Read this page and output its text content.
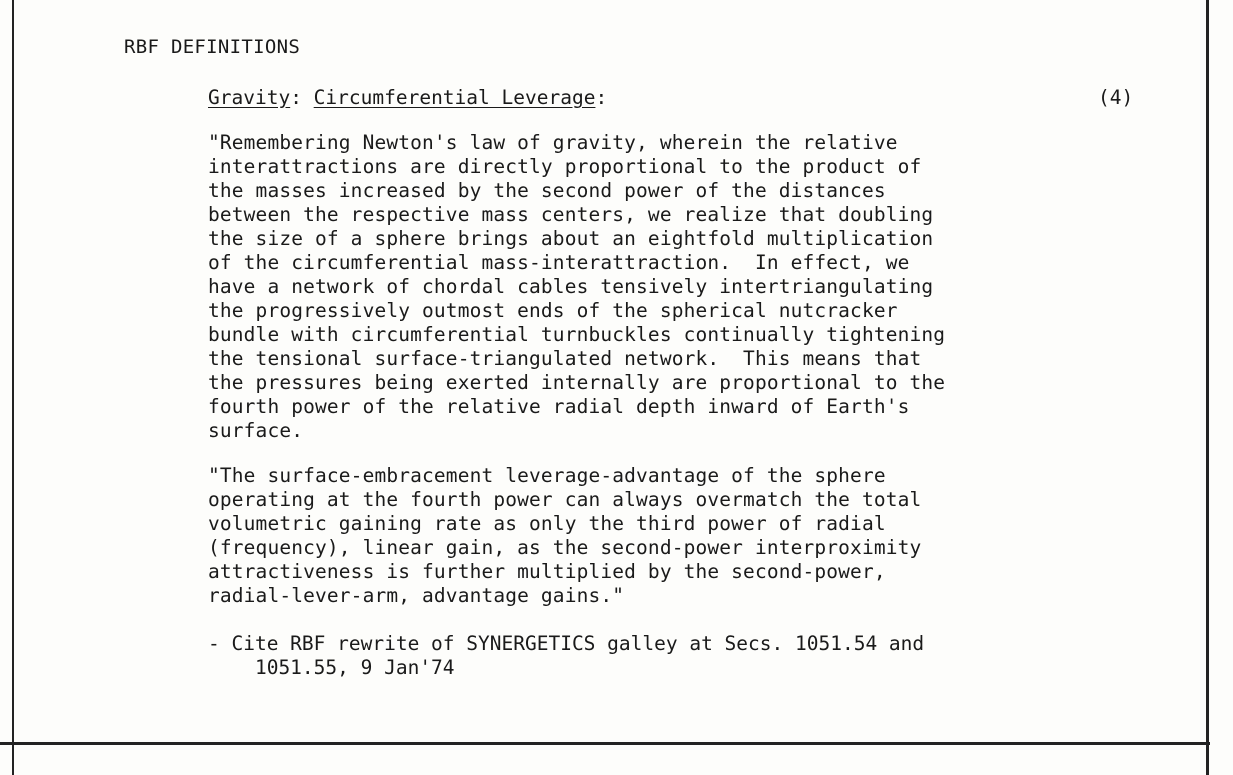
RBF DEFINITIONS
Gravity: Circumferential Leverage:	(4)

"Remembering Newton's law of gravity, wherein the relative
interattractions are directly proportional to the product of
the masses increased by the second power of the distances
between the respective mass centers, we realize that doubling
the size of a sphere brings about an eightfold multiplication
of the circumferential mass-interattraction.  In effect, we
have a network of chordal cables tensively intertriangulating
the progressively outmost ends of the spherical nutcracker
bundle with circumferential turnbuckles continually tightening
the tensional surface-triangulated network.  This means that
the pressures being exerted internally are proportional to the
fourth power of the relative radial depth inward of Earth's
surface.

"The surface-embracement leverage-advantage of the sphere
operating at the fourth power can always overmatch the total
volumetric gaining rate as only the third power of radial
(frequency), linear gain, as the second-power interproximity
attractiveness is further multiplied by the second-power,
radial-lever-arm, advantage gains."

- Cite RBF rewrite of SYNERGETICS galley at Secs. 1051.54 and
1051.55, 9 Jan'74
